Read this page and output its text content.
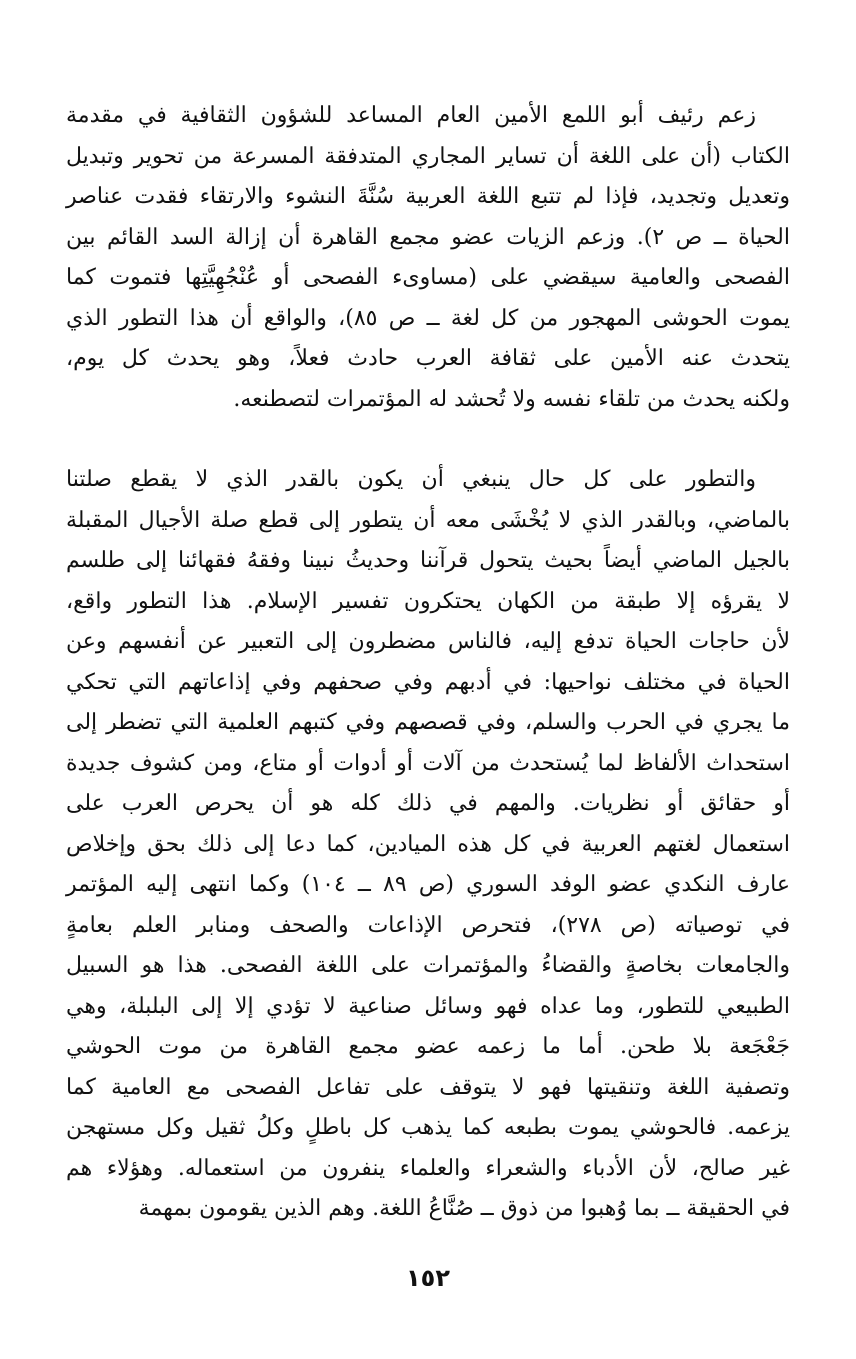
زعم رئيف أبو اللمع الأمين العام المساعد للشؤون الثقافية في مقدمة
الكتاب (أن على اللغة أن تساير المجاري المتدفقة المسرعة من تحوير وتبديل
وتعديل وتجديد، فإذا لم تتبع اللغة العربية سُنَّةَ النشوء والارتقاء فقدت عناصر
الحياة ــ ص ٢). وزعم الزيات عضو مجمع القاهرة أن إزالة السد القائم بين
الفصحى والعامية سيقضي على (مساوىء الفصحى أو عُنْجُهِيَّتِها فتموت كما
يموت الحوشى المهجور من كل لغة ــ ص ٨٥)، والواقع أن هذا التطور الذي
يتحدث عنه الأمين على ثقافة العرب حادث فعلاً، وهو يحدث كل يوم،
ولكنه يحدث من تلقاء نفسه ولا تُحشد له المؤتمرات لتصطنعه.
والتطور على كل حال ينبغي أن يكون بالقدر الذي لا يقطع صلتنا
بالماضي، وبالقدر الذي لا يُخْشَى معه أن يتطور إلى قطع صلة الأجيال المقبلة
بالجيل الماضي أيضاً بحيث يتحول قرآننا وحديثُ نبينا وفقهُ فقهائنا إلى طلسم
لا يقرؤه إلا طبقة من الكهان يحتكرون تفسير الإسلام. هذا التطور واقع،
لأن حاجات الحياة تدفع إليه، فالناس مضطرون إلى التعبير عن أنفسهم وعن
الحياة في مختلف نواحيها: في أدبهم وفي صحفهم وفي إذاعاتهم التي تحكي
ما يجري في الحرب والسلم، وفي قصصهم وفي كتبهم العلمية التي تضطر إلى
استحداث الألفاظ لما يُستحدث من آلات أو أدوات أو متاع، ومن كشوف جديدة
أو حقائق أو نظريات. والمهم في ذلك كله هو أن يحرص العرب على
استعمال لغتهم العربية في كل هذه الميادين، كما دعا إلى ذلك بحق وإخلاص
عارف النكدي عضو الوفد السوري (ص ٨٩ ــ ١٠٤) وكما انتهى إليه المؤتمر
في توصياته (ص ٢٧٨)، فتحرص الإذاعات والصحف ومنابر العلم بعامةٍ
والجامعات بخاصةٍ والقضاءُ والمؤتمرات على اللغة الفصحى. هذا هو السبيل
الطبيعي للتطور، وما عداه فهو وسائل صناعية لا تؤدي إلا إلى البلبلة، وهي
جَعْجَعة بلا طحن. أما ما زعمه عضو مجمع القاهرة من موت الحوشي
وتصفية اللغة وتنقيتها فهو لا يتوقف على تفاعل الفصحى مع العامية كما
يزعمه. فالحوشي يموت بطبعه كما يذهب كل باطلٍ وكلُ ثقيل وكل مستهجن
غير صالح، لأن الأدباء والشعراء والعلماء ينفرون من استعماله. وهؤلاء هم
في الحقيقة ــ بما وُهبوا من ذوق ــ صُنَّاعُ اللغة. وهم الذين يقومون بمهمة
١٥٢
